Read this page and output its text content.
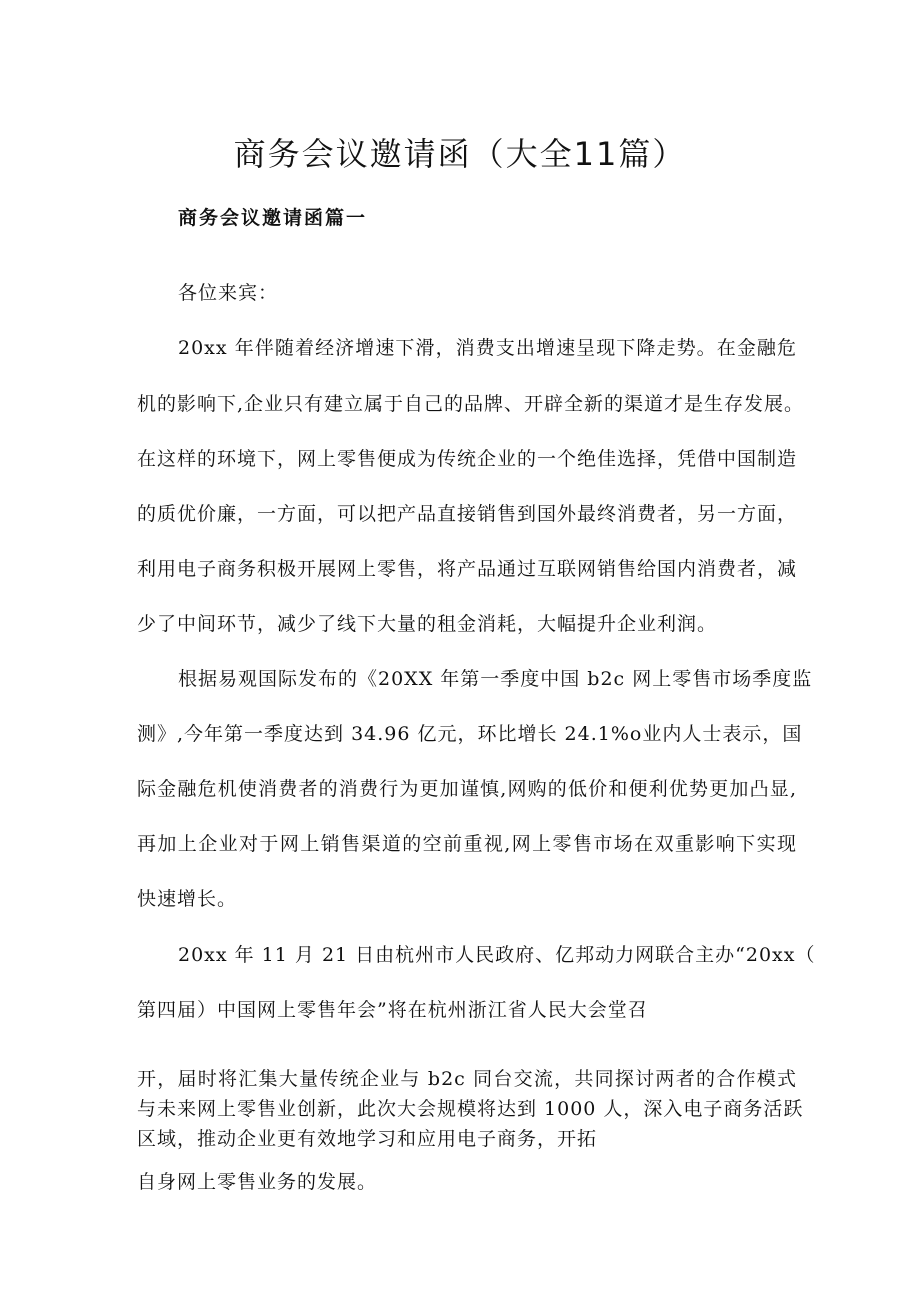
商务会议邀请函（大全11篇）
商务会议邀请函篇一

各位来宾：

20xx 年伴随着经济增速下滑，消费支出增速呈现下降走势。在金融危

机的影响下,企业只有建立属于自己的品牌、开辟全新的渠道才是生存发展。

在这样的环境下，网上零售便成为传统企业的一个绝佳选择，凭借中国制造

的质优价廉，一方面，可以把产品直接销售到国外最终消费者，另一方面，

利用电子商务积极开展网上零售，将产品通过互联网销售给国内消费者，减

少了中间环节，减少了线下大量的租金消耗，大幅提升企业利润。

根据易观国际发布的《20XX 年第一季度中国 b2c 网上零售市场季度监

测》,今年第一季度达到 34.96 亿元，环比增长 24.1%o业内人士表示，国

际金融危机使消费者的消费行为更加谨慎,网购的低价和便利优势更加凸显,

再加上企业对于网上销售渠道的空前重视,网上零售市场在双重影响下实现

快速增长。

20xx 年 11 月 21 日由杭州市人民政府、亿邦动力网联合主办“20xx（

第四届）中国网上零售年会”将在杭州浙江省人民大会堂召

开，届时将汇集大量传统企业与 b2c 同台交流，共同探讨两者的合作模式

与未来网上零售业创新，此次大会规模将达到 1000 人，深入电子商务活跃

区域，推动企业更有效地学习和应用电子商务，开拓

自身网上零售业务的发展。
